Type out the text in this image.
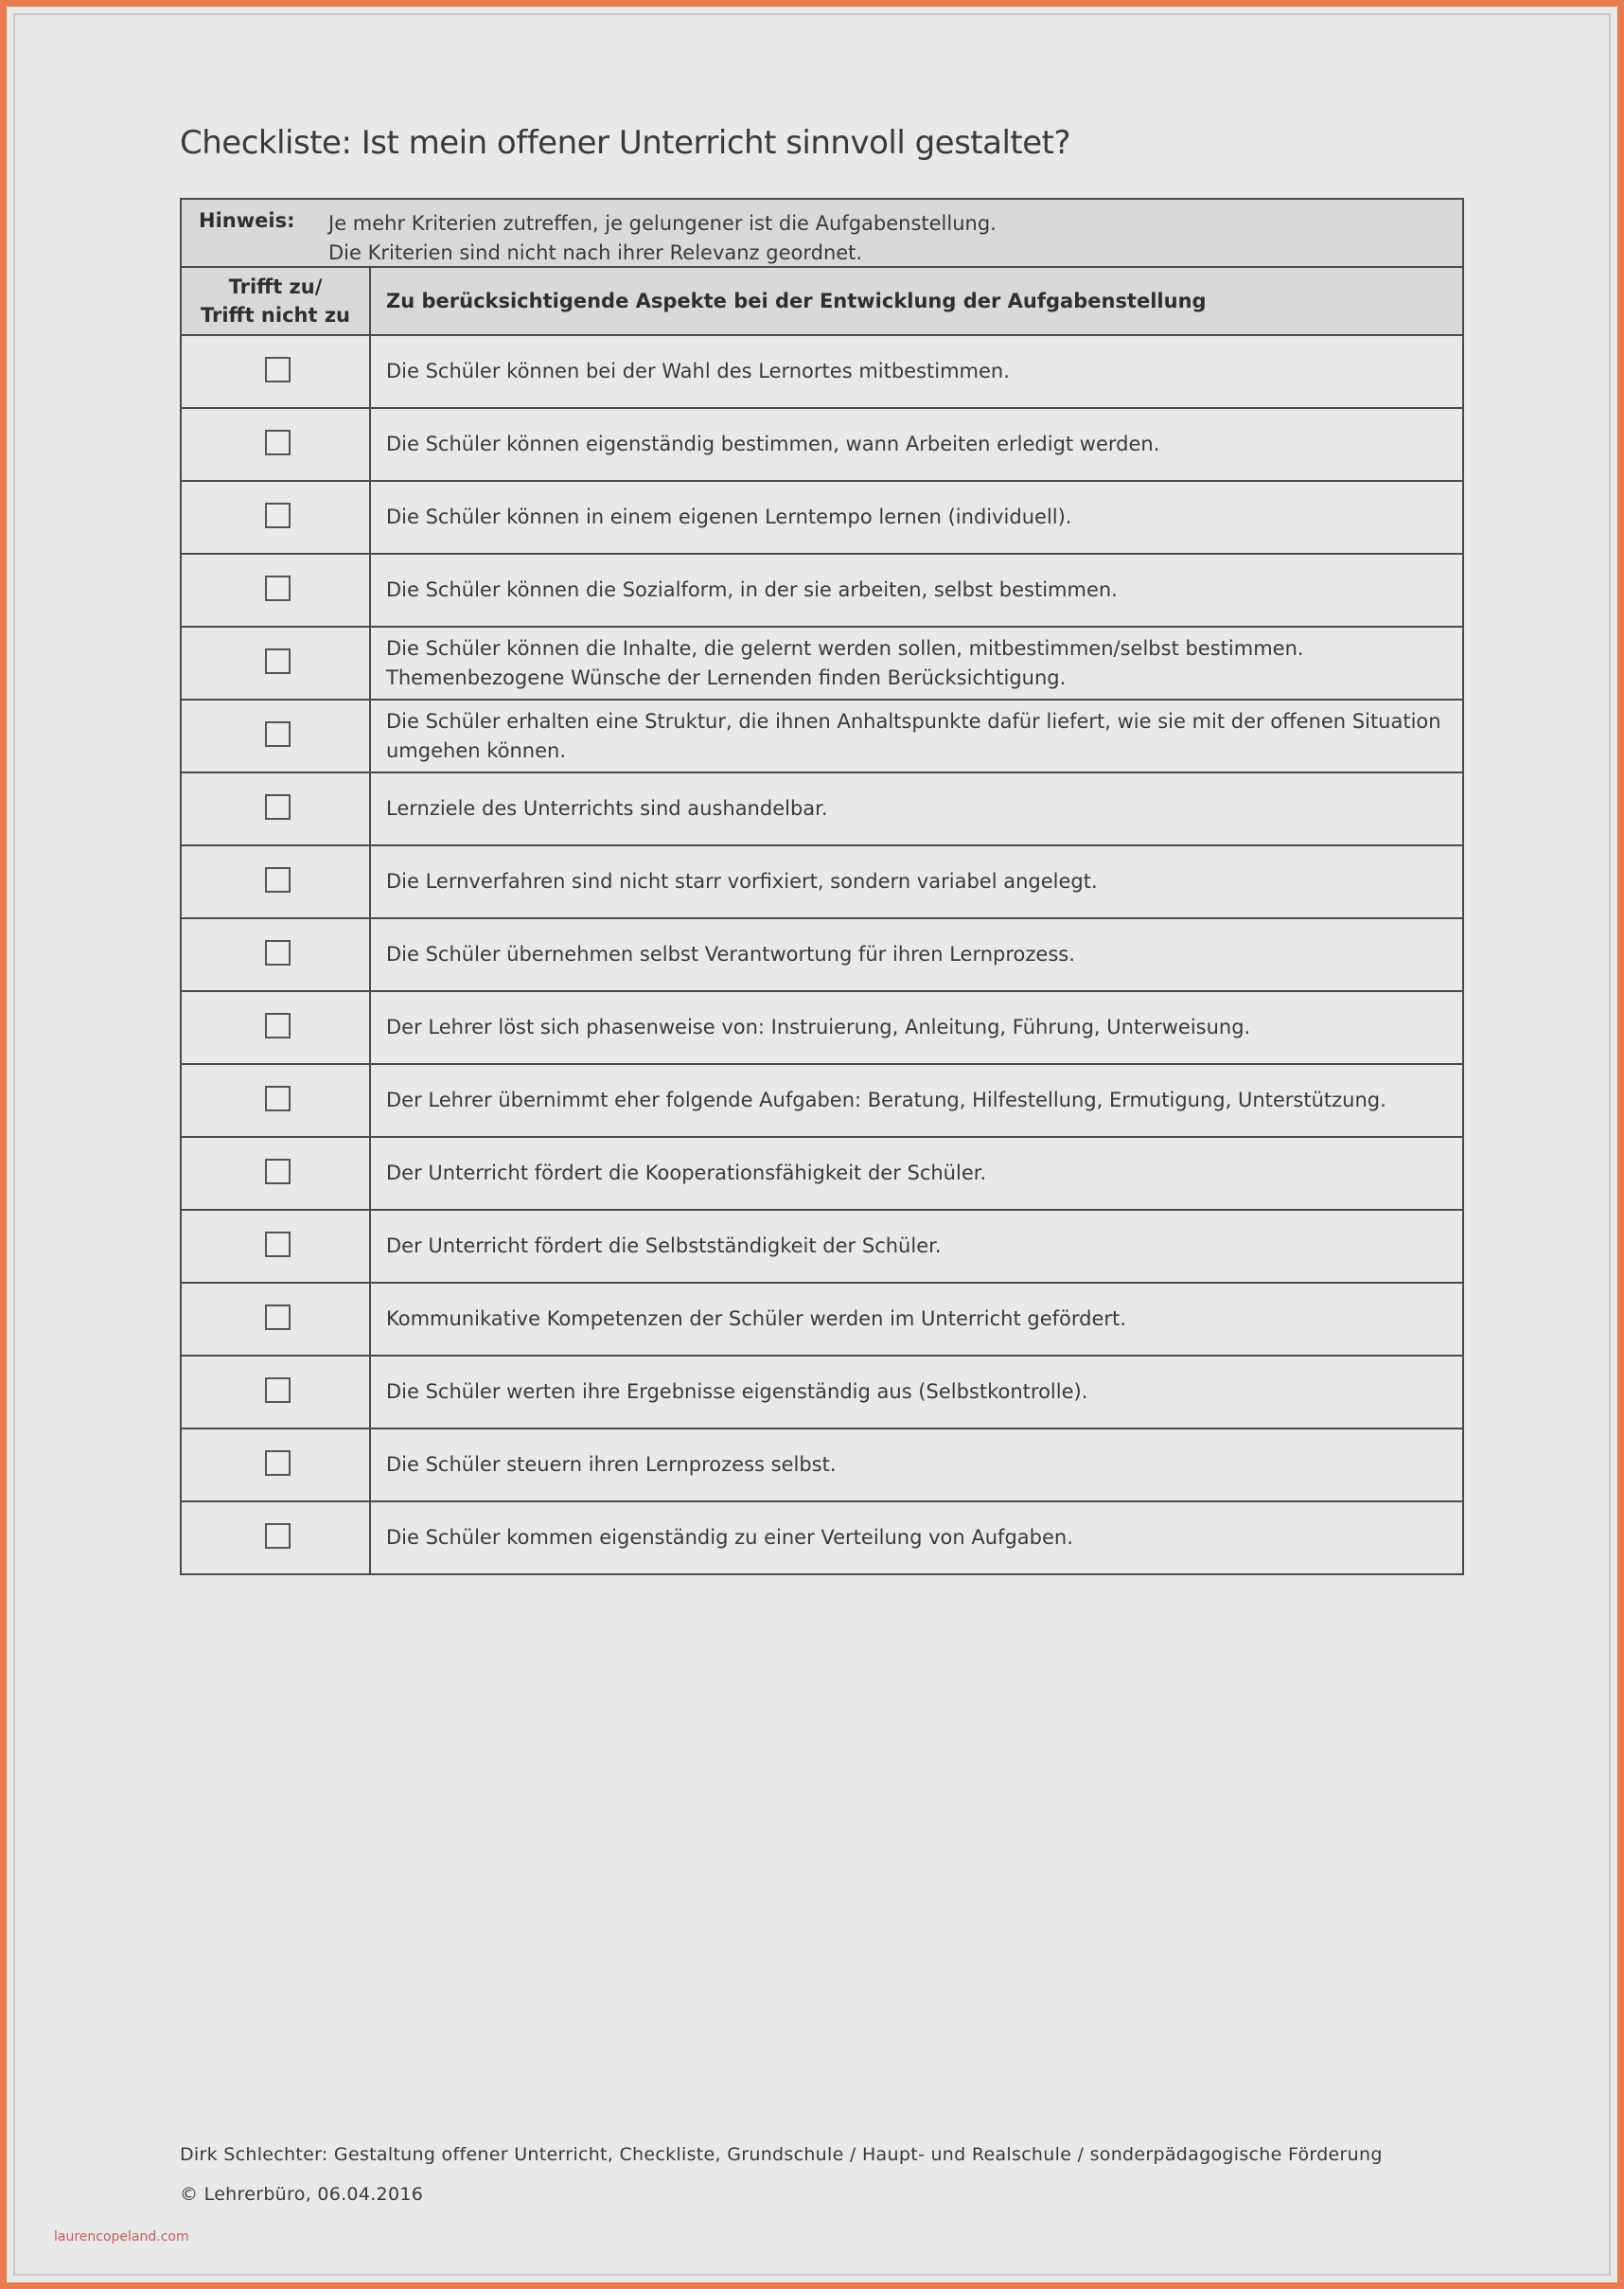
Checkliste: Ist mein offener Unterricht sinnvoll gestaltet?
Hinweis: Je mehr Kriterien zutreffen, je gelungener ist die Aufgabenstellung.
Die Kriterien sind nicht nach ihrer Relevanz geordnet.	

Trifft zu/
Trifft nicht zu	Zu berücksichtigende Aspekte bei der Entwicklung der Aufgabenstellung

	Die Schüler können bei der Wahl des Lernortes mitbestimmen.

	Die Schüler können eigenständig bestimmen, wann Arbeiten erledigt werden.

	Die Schüler können in einem eigenen Lerntempo lernen (individuell).

	Die Schüler können die Sozialform, in der sie arbeiten, selbst bestimmen.

	Die Schüler können die Inhalte, die gelernt werden sollen, mitbestimmen/selbst bestimmen. Themenbezogene Wünsche der Lernenden finden Berücksichtigung.

	Die Schüler erhalten eine Struktur, die ihnen Anhaltspunkte dafür liefert, wie sie mit der offenen Situation umgehen können.

	Lernziele des Unterrichts sind aushandelbar.

	Die Lernverfahren sind nicht starr vorfixiert, sondern variabel angelegt.

	Die Schüler übernehmen selbst Verantwortung für ihren Lernprozess.

	Der Lehrer löst sich phasenweise von: Instruierung, Anleitung, Führung, Unterweisung.

	Der Lehrer übernimmt eher folgende Aufgaben: Beratung, Hilfestellung, Ermutigung, Unterstützung.

	Der Unterricht fördert die Kooperationsfähigkeit der Schüler.

	Der Unterricht fördert die Selbstständigkeit der Schüler.

	Kommunikative Kompetenzen der Schüler werden im Unterricht gefördert.

	Die Schüler werten ihre Ergebnisse eigenständig aus (Selbstkontrolle).

	Die Schüler steuern ihren Lernprozess selbst.

	Die Schüler kommen eigenständig zu einer Verteilung von Aufgaben.
Dirk Schlechter: Gestaltung offener Unterricht, Checkliste, Grundschule / Haupt- und Realschule / sonderpädagogische Förderung
© Lehrerbüro, 06.04.2016
laurencopeland.com
